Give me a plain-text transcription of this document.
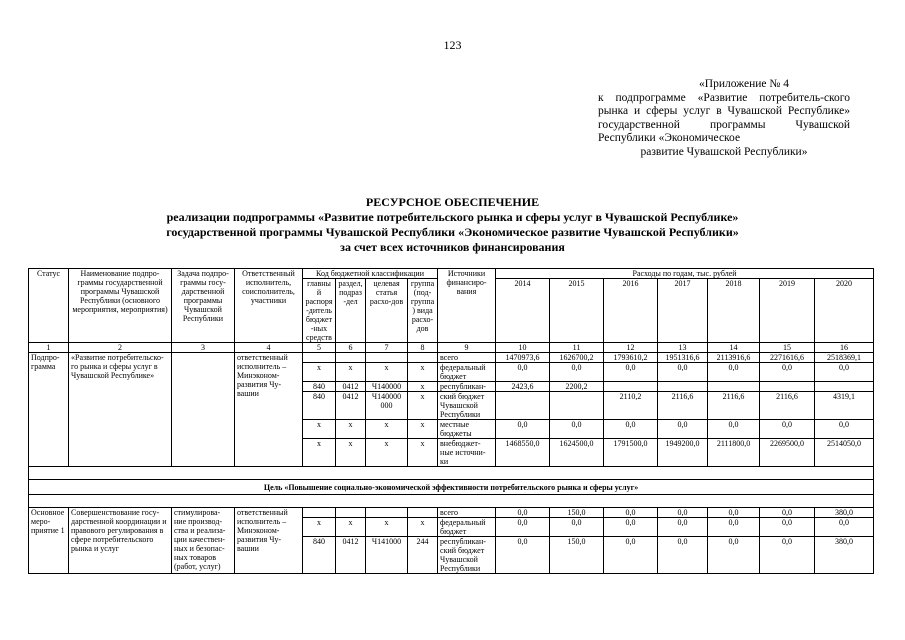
123
«Приложение № 4
к подпрограмме «Развитие потребитель-ского рынка и сферы услуг в Чувашской Республике» государственной программы Чувашской Республики «Экономическое
развитие Чувашской Республики»
РЕСУРСНОЕ ОБЕСПЕЧЕНИЕ
реализации подпрограммы «Развитие потребительского рынка и сферы услуг в Чувашской Республике»
государственной программы Чувашской Республики «Экономическое развитие Чувашской Республики»
за счет всех источников финансирования
Статус	Наименование подпро-граммы государственной программы Чувашской Республики (основного мероприятия, мероприятия)	Задача подпро-граммы госу-дарственной программы Чувашской Республики	Ответственный исполнитель, соисполнитель, участники	Код бюджетной классификации				Источники финансиро-вания	Расходы по годам, тыс. рублей						
				главный распоря-дитель бюджет-ных средств	раздел, подраз-дел	целевая статья расхо-дов	группа (под-группа) вида расхо-дов		2014	2015	2016	2017	2018	2019	2020
1	2	3	4	5	6	7	8	9	10	11	12	13	14	15	16
Подпро-грамма	«Развитие потребительско-го рынка и сферы услуг в Чувашской Республике»		ответственный исполнитель – Минэконом-развития Чу-вашии					всего	1470973,6	1626700,2	1793610,2	1951316,6	2113916,6	2271616,6	2518369,1
				х	х	х	х	федеральный бюджет	0,0	0,0	0,0	0,0	0,0	0,0	0,0
				840	0412	Ч140000	х	республикан-	2423,6	2200,2					
				840	0412	Ч140000 000	х	ский бюджет Чувашской Республики			2110,2	2116,6	2116,6	2116,6	4319,1
				х	х	х	х	местные бюджеты	0,0	0,0	0,0	0,0	0,0	0,0	0,0
				х	х	х	х	внебюджет-ные источни-ки	1468550,0	1624500,0	1791500,0	1949200,0	2111800,0	2269500,0	2514050,0

Цель «Повышение социально-экономической эффективности потребительского рынка и сферы услуг»															

Основное меро-приятие 1	Совершенствование госу-дарственной координации и правового регулирования в сфере потребительского рынка и услуг	стимулирова-ние производ-ства и реализа-ции качествен-ных и безопас-ных товаров (работ, услуг)	ответственный исполнитель – Минэконом-развития Чу-вашии					всего	0,0	150,0	0,0	0,0	0,0	0,0	380,0
				х	х	х	х	федеральный бюджет	0,0	0,0	0,0	0,0	0,0	0,0	0,0
				840	0412	Ч141000	244	республикан-ский бюджет Чувашской Республики	0,0	150,0	0,0	0,0	0,0	0,0	380,0
